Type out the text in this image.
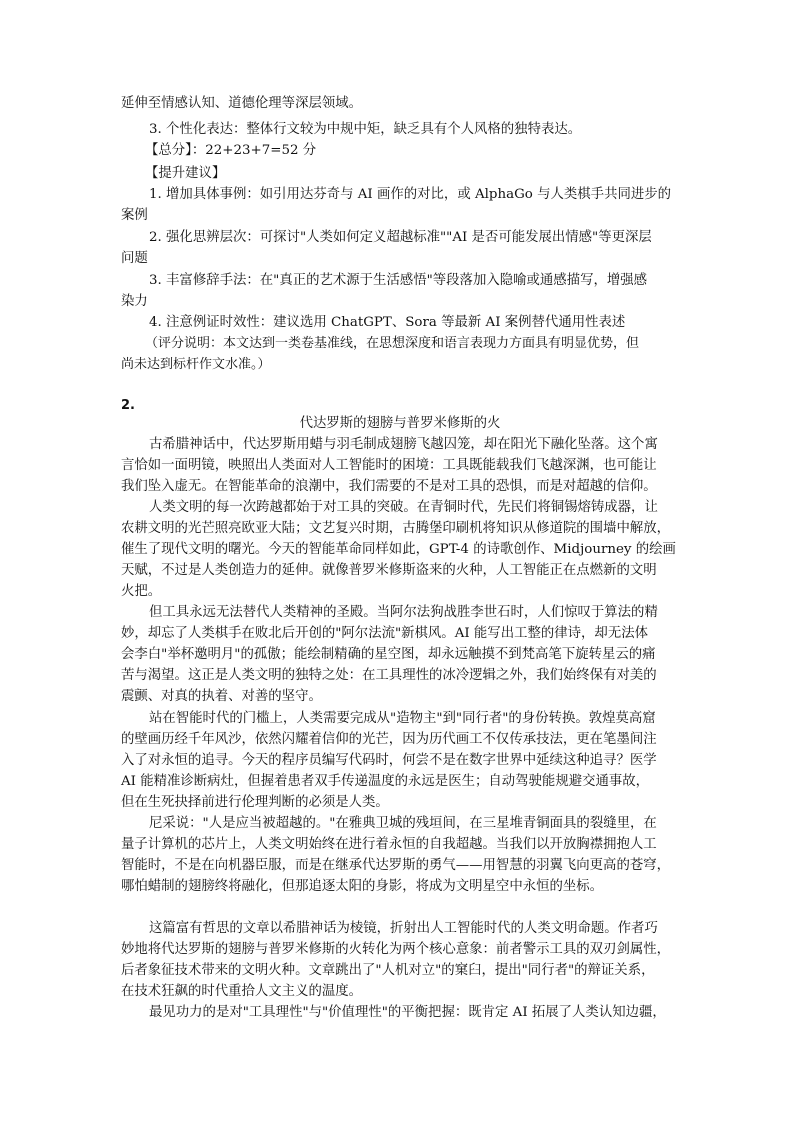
延伸至情感认知、道德伦理等深层领域。
3. 个性化表达：整体行文较为中规中矩，缺乏具有个人风格的独特表达。
【总分】：22+23+7=52 分
【提升建议】
1. 增加具体事例：如引用达芬奇与 AI 画作的对比，或 AlphaGo 与人类棋手共同进步的
案例
2. 强化思辨层次：可探讨"人类如何定义超越标准""AI 是否可能发展出情感"等更深层
问题
3. 丰富修辞手法：在"真正的艺术源于生活感悟"等段落加入隐喻或通感描写，增强感
染力
4. 注意例证时效性：建议选用 ChatGPT、Sora 等最新 AI 案例替代通用性表述
（评分说明：本文达到一类卷基准线，在思想深度和语言表现力方面具有明显优势，但
尚未达到标杆作文水准。）
2.
代达罗斯的翅膀与普罗米修斯的火
古希腊神话中，代达罗斯用蜡与羽毛制成翅膀飞越囚笼，却在阳光下融化坠落。这个寓
言恰如一面明镜，映照出人类面对人工智能时的困境：工具既能载我们飞越深渊，也可能让
我们坠入虚无。在智能革命的浪潮中，我们需要的不是对工具的恐惧，而是对超越的信仰。
人类文明的每一次跨越都始于对工具的突破。在青铜时代，先民们将铜锡熔铸成器，让
农耕文明的光芒照亮欧亚大陆；文艺复兴时期，古腾堡印刷机将知识从修道院的围墙中解放，
催生了现代文明的曙光。今天的智能革命同样如此，GPT-4 的诗歌创作、Midjourney 的绘画
天赋，不过是人类创造力的延伸。就像普罗米修斯盗来的火种，人工智能正在点燃新的文明
火把。
但工具永远无法替代人类精神的圣殿。当阿尔法狗战胜李世石时，人们惊叹于算法的精
妙，却忘了人类棋手在败北后开创的"阿尔法流"新棋风。AI 能写出工整的律诗，却无法体
会李白"举杯邀明月"的孤傲；能绘制精确的星空图，却永远触摸不到梵高笔下旋转星云的痛
苦与渴望。这正是人类文明的独特之处：在工具理性的冰冷逻辑之外，我们始终保有对美的
震颤、对真的执着、对善的坚守。
站在智能时代的门槛上，人类需要完成从"造物主"到"同行者"的身份转换。敦煌莫高窟
的壁画历经千年风沙，依然闪耀着信仰的光芒，因为历代画工不仅传承技法，更在笔墨间注
入了对永恒的追寻。今天的程序员编写代码时，何尝不是在数字世界中延续这种追寻？医学
AI 能精准诊断病灶，但握着患者双手传递温度的永远是医生；自动驾驶能规避交通事故，
但在生死抉择前进行伦理判断的必须是人类。
尼采说："人是应当被超越的。"在雅典卫城的残垣间，在三星堆青铜面具的裂缝里，在
量子计算机的芯片上，人类文明始终在进行着永恒的自我超越。当我们以开放胸襟拥抱人工
智能时，不是在向机器臣服，而是在继承代达罗斯的勇气——用智慧的羽翼飞向更高的苍穹，
哪怕蜡制的翅膀终将融化，但那追逐太阳的身影，将成为文明星空中永恒的坐标。
这篇富有哲思的文章以希腊神话为棱镜，折射出人工智能时代的人类文明命题。作者巧
妙地将代达罗斯的翅膀与普罗米修斯的火转化为两个核心意象：前者警示工具的双刃剑属性，
后者象征技术带来的文明火种。文章跳出了"人机对立"的窠臼，提出"同行者"的辩证关系，
在技术狂飙的时代重拾人文主义的温度。
最见功力的是对"工具理性"与"价值理性"的平衡把握：既肯定 AI 拓展了人类认知边疆，
